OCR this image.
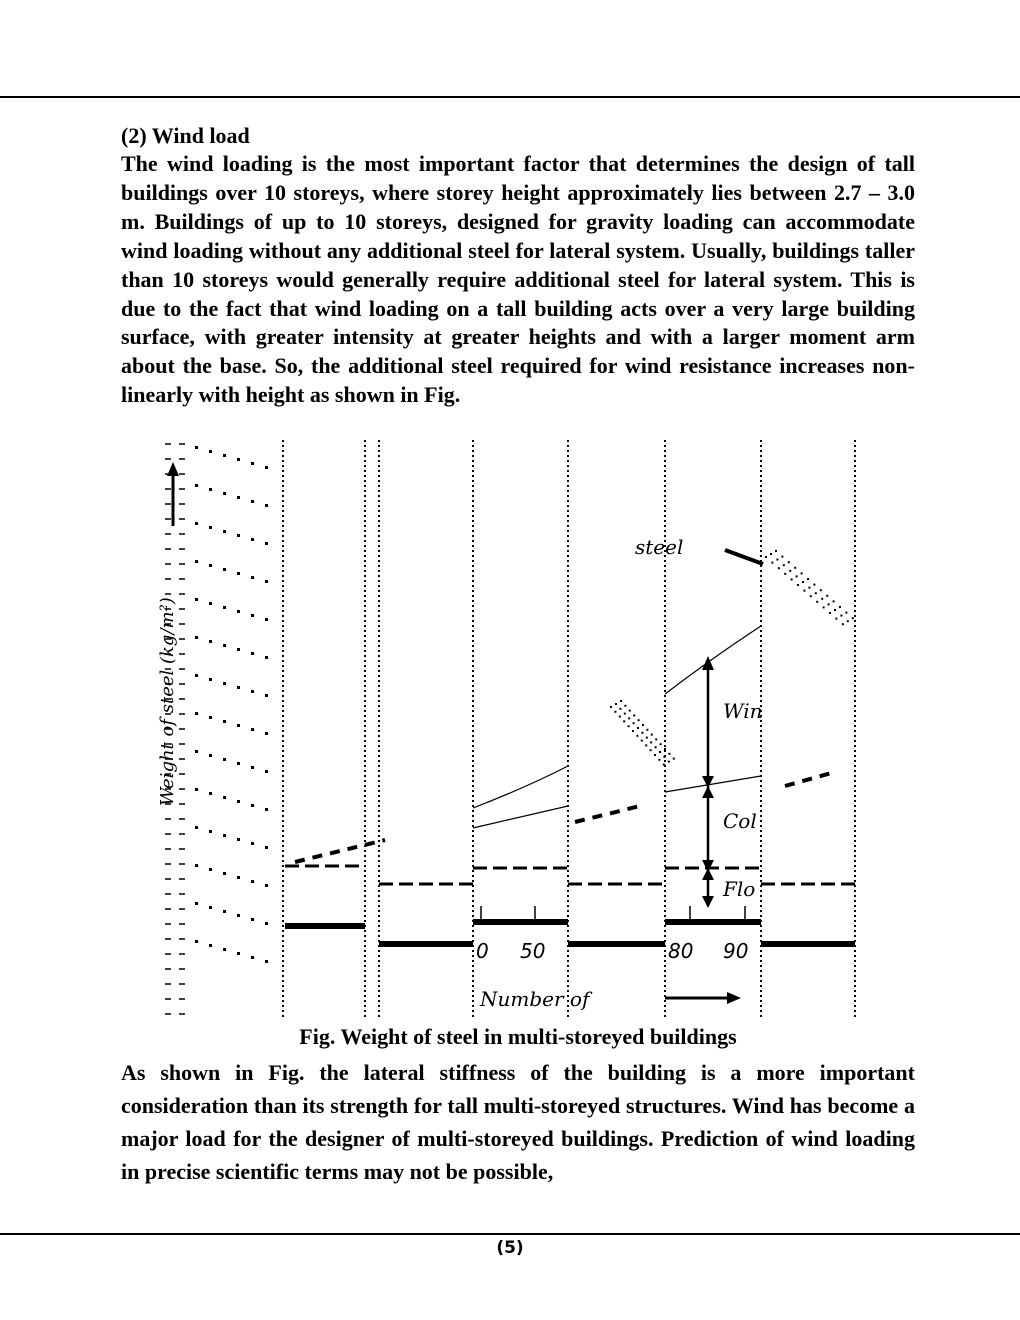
(2) Wind load
The wind loading is the most important factor that determines the design of tall buildings over 10 storeys, where storey height approximately lies between 2.7 – 3.0 m. Buildings of up to 10 storeys, designed for gravity loading can accommodate wind loading without any additional steel for lateral system. Usually, buildings taller than 10 storeys would generally require additional steel for lateral system. This is due to the fact that wind loading on a tall building acts over a very large building surface, with greater intensity at greater heights and with a larger moment arm about the base. So, the additional steel required for wind resistance increases non-linearly with height as shown in Fig.
Weight of steel (kg/m²)
0 50	80 90
steel
Win
Col
Flo
Number of
Fig. Weight of steel in multi-storeyed buildings
As shown in Fig. the lateral stiffness of the building is a more important consideration than its strength for tall multi-storeyed structures. Wind has become a major load for the designer of multi-storeyed buildings. Prediction of wind loading in precise scientific terms may not be possible,
(5)
